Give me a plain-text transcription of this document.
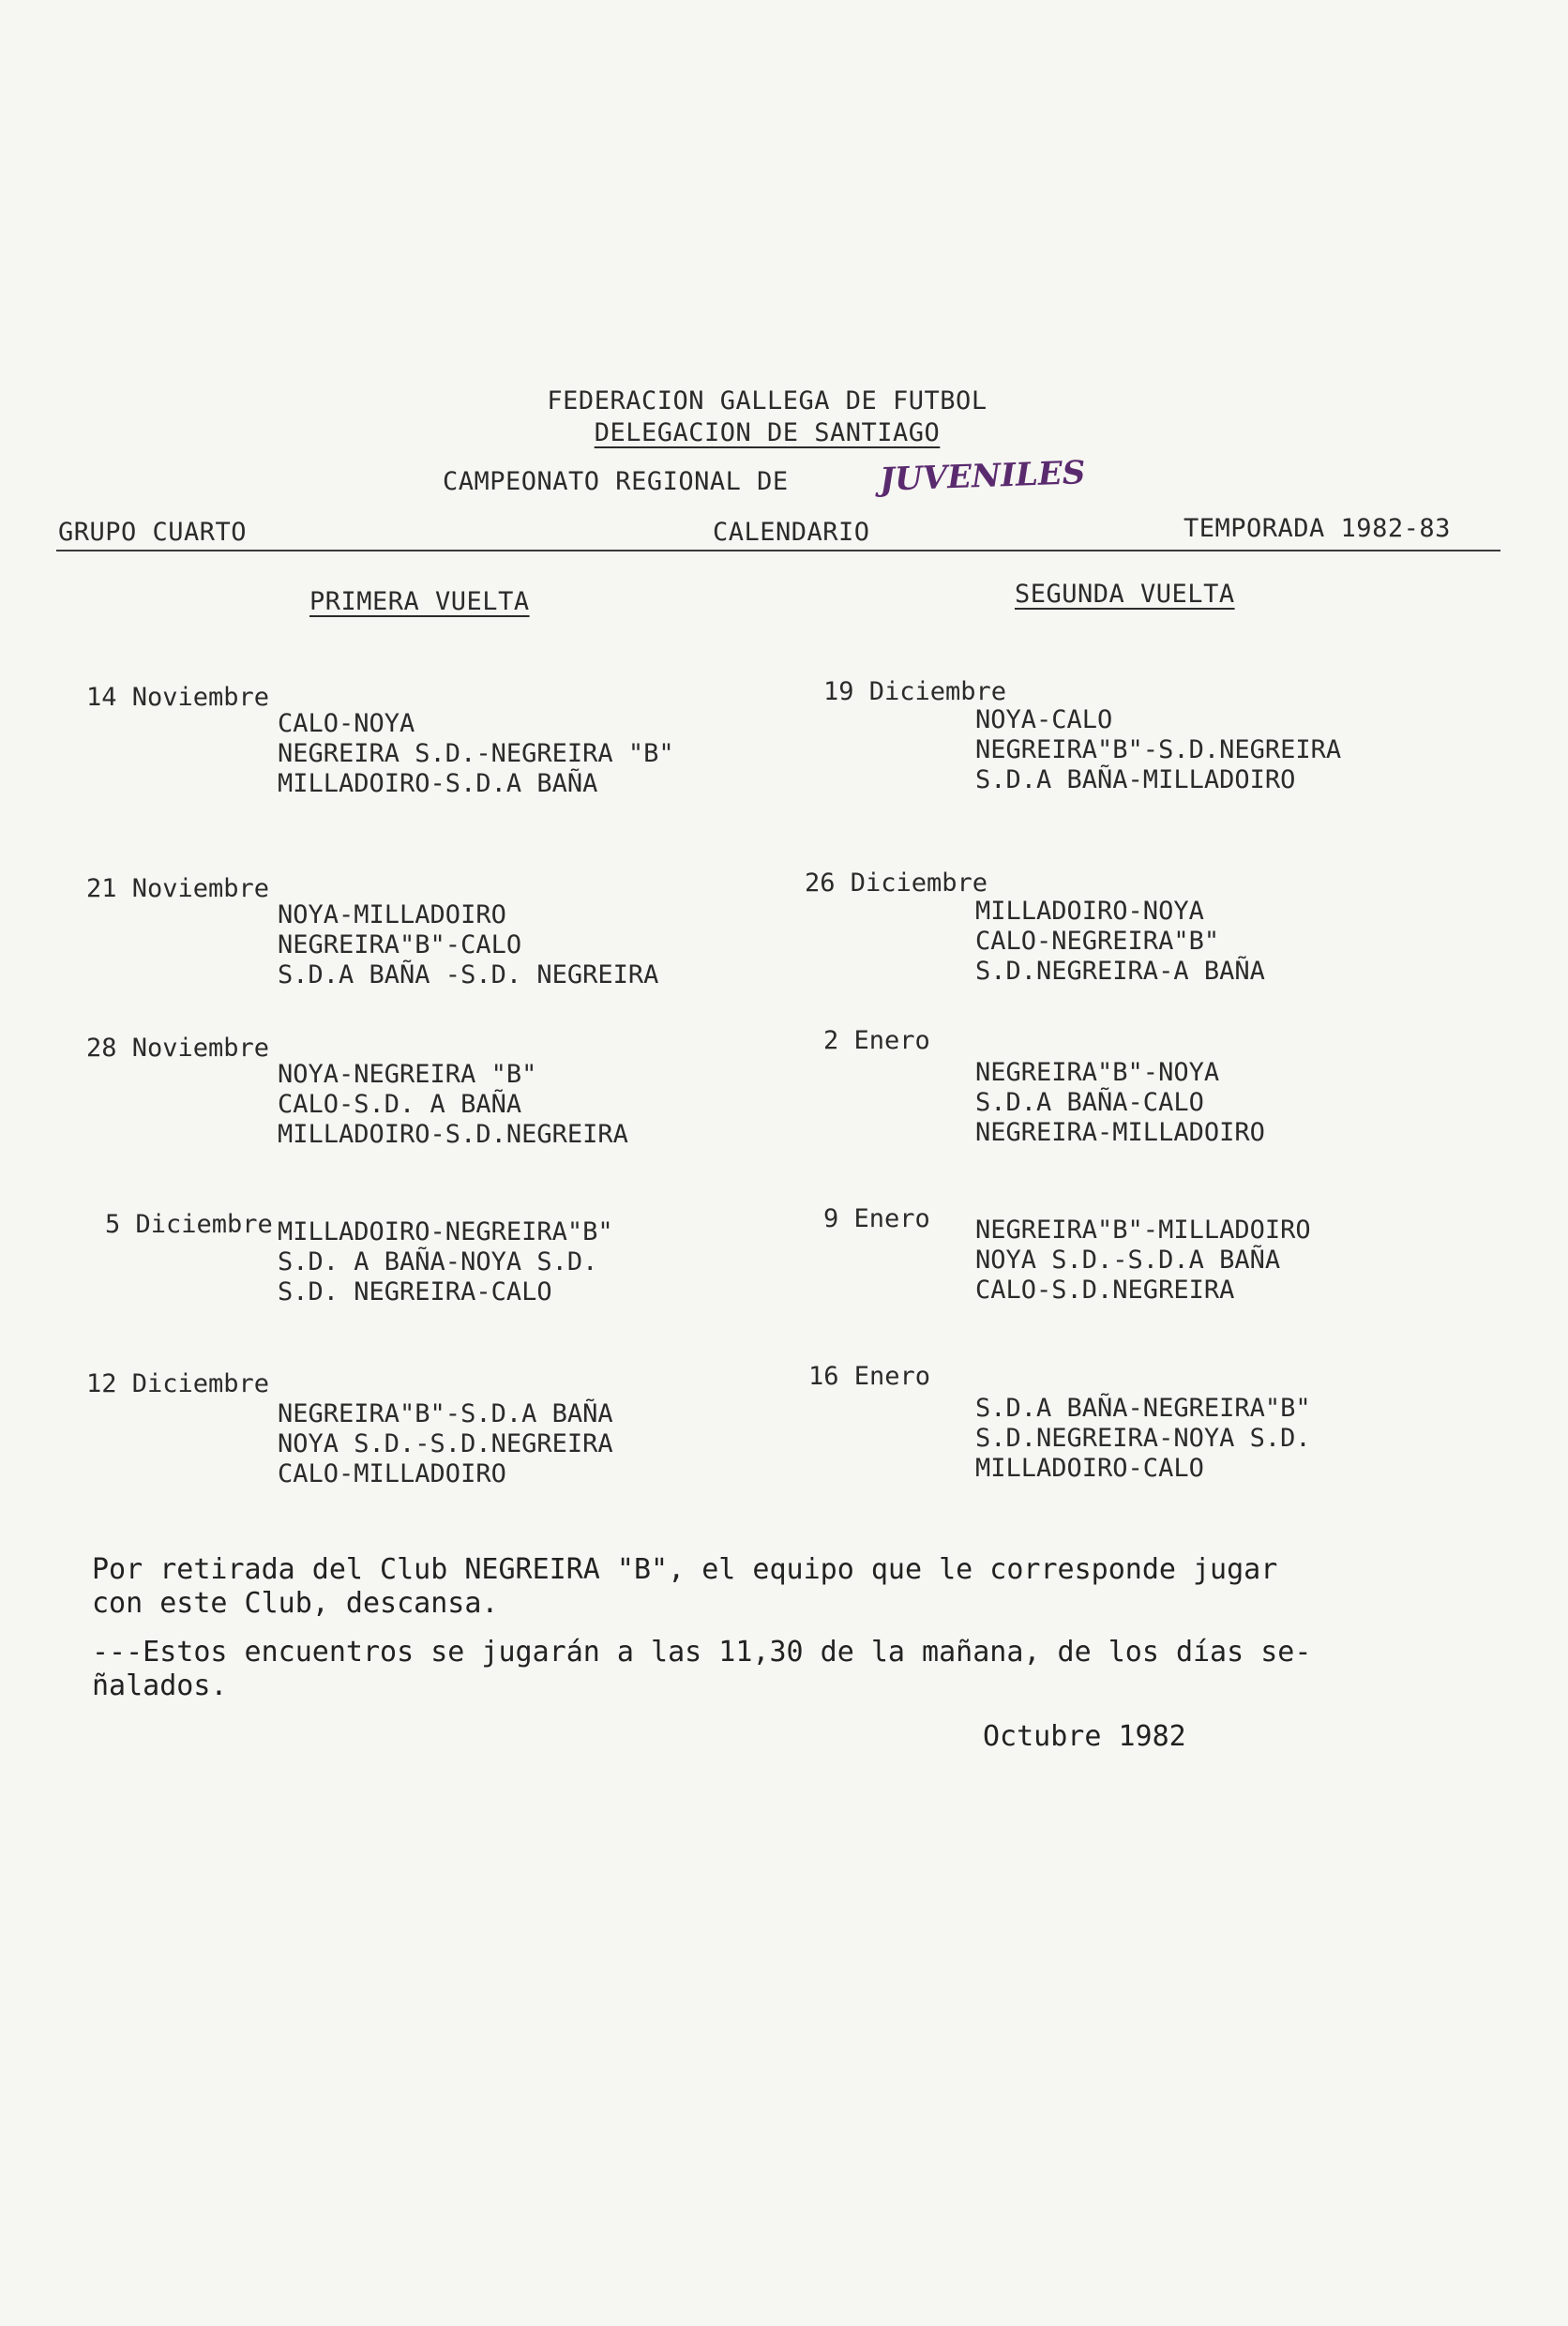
FEDERACION GALLEGA DE FUTBOL
DELEGACION DE SANTIAGO
CAMPEONATO REGIONAL DE	JUVENILES
GRUPO CUARTO	CALENDARIO	TEMPORADA 1982-83
PRIMERA VUELTA	SEGUNDA VUELTA
14 Noviembre
CALO-NOYA
NEGREIRA S.D.-NEGREIRA "B"
MILLADOIRO-S.D.A BAÑA
19 Diciembre
NOYA-CALO
NEGREIRA"B"-S.D.NEGREIRA
S.D.A BAÑA-MILLADOIRO
21 Noviembre
NOYA-MILLADOIRO
NEGREIRA"B"-CALO
S.D.A BAÑA -S.D. NEGREIRA
26 Diciembre
MILLADOIRO-NOYA
CALO-NEGREIRA"B"
S.D.NEGREIRA-A BAÑA
28 Noviembre
NOYA-NEGREIRA "B"
CALO-S.D. A BAÑA
MILLADOIRO-S.D.NEGREIRA
2 Enero
NEGREIRA"B"-NOYA
S.D.A BAÑA-CALO
NEGREIRA-MILLADOIRO
5 Diciembre MILLADOIRO-NEGREIRA"B"
S.D. A BAÑA-NOYA S.D.
S.D. NEGREIRA-CALO
9 Enero NEGREIRA"B"-MILLADOIRO
NOYA S.D.-S.D.A BAÑA
CALO-S.D.NEGREIRA
12 Diciembre
NEGREIRA"B"-S.D.A BAÑA
NOYA S.D.-S.D.NEGREIRA
CALO-MILLADOIRO
16 Enero
S.D.A BAÑA-NEGREIRA"B"
S.D.NEGREIRA-NOYA S.D.
MILLADOIRO-CALO
Por retirada del Club NEGREIRA "B", el equipo que le corresponde jugar
con este Club, descansa.
---Estos encuentros se jugarán a las 11,30 de la mañana, de los días se-
ñalados.
Octubre 1982
